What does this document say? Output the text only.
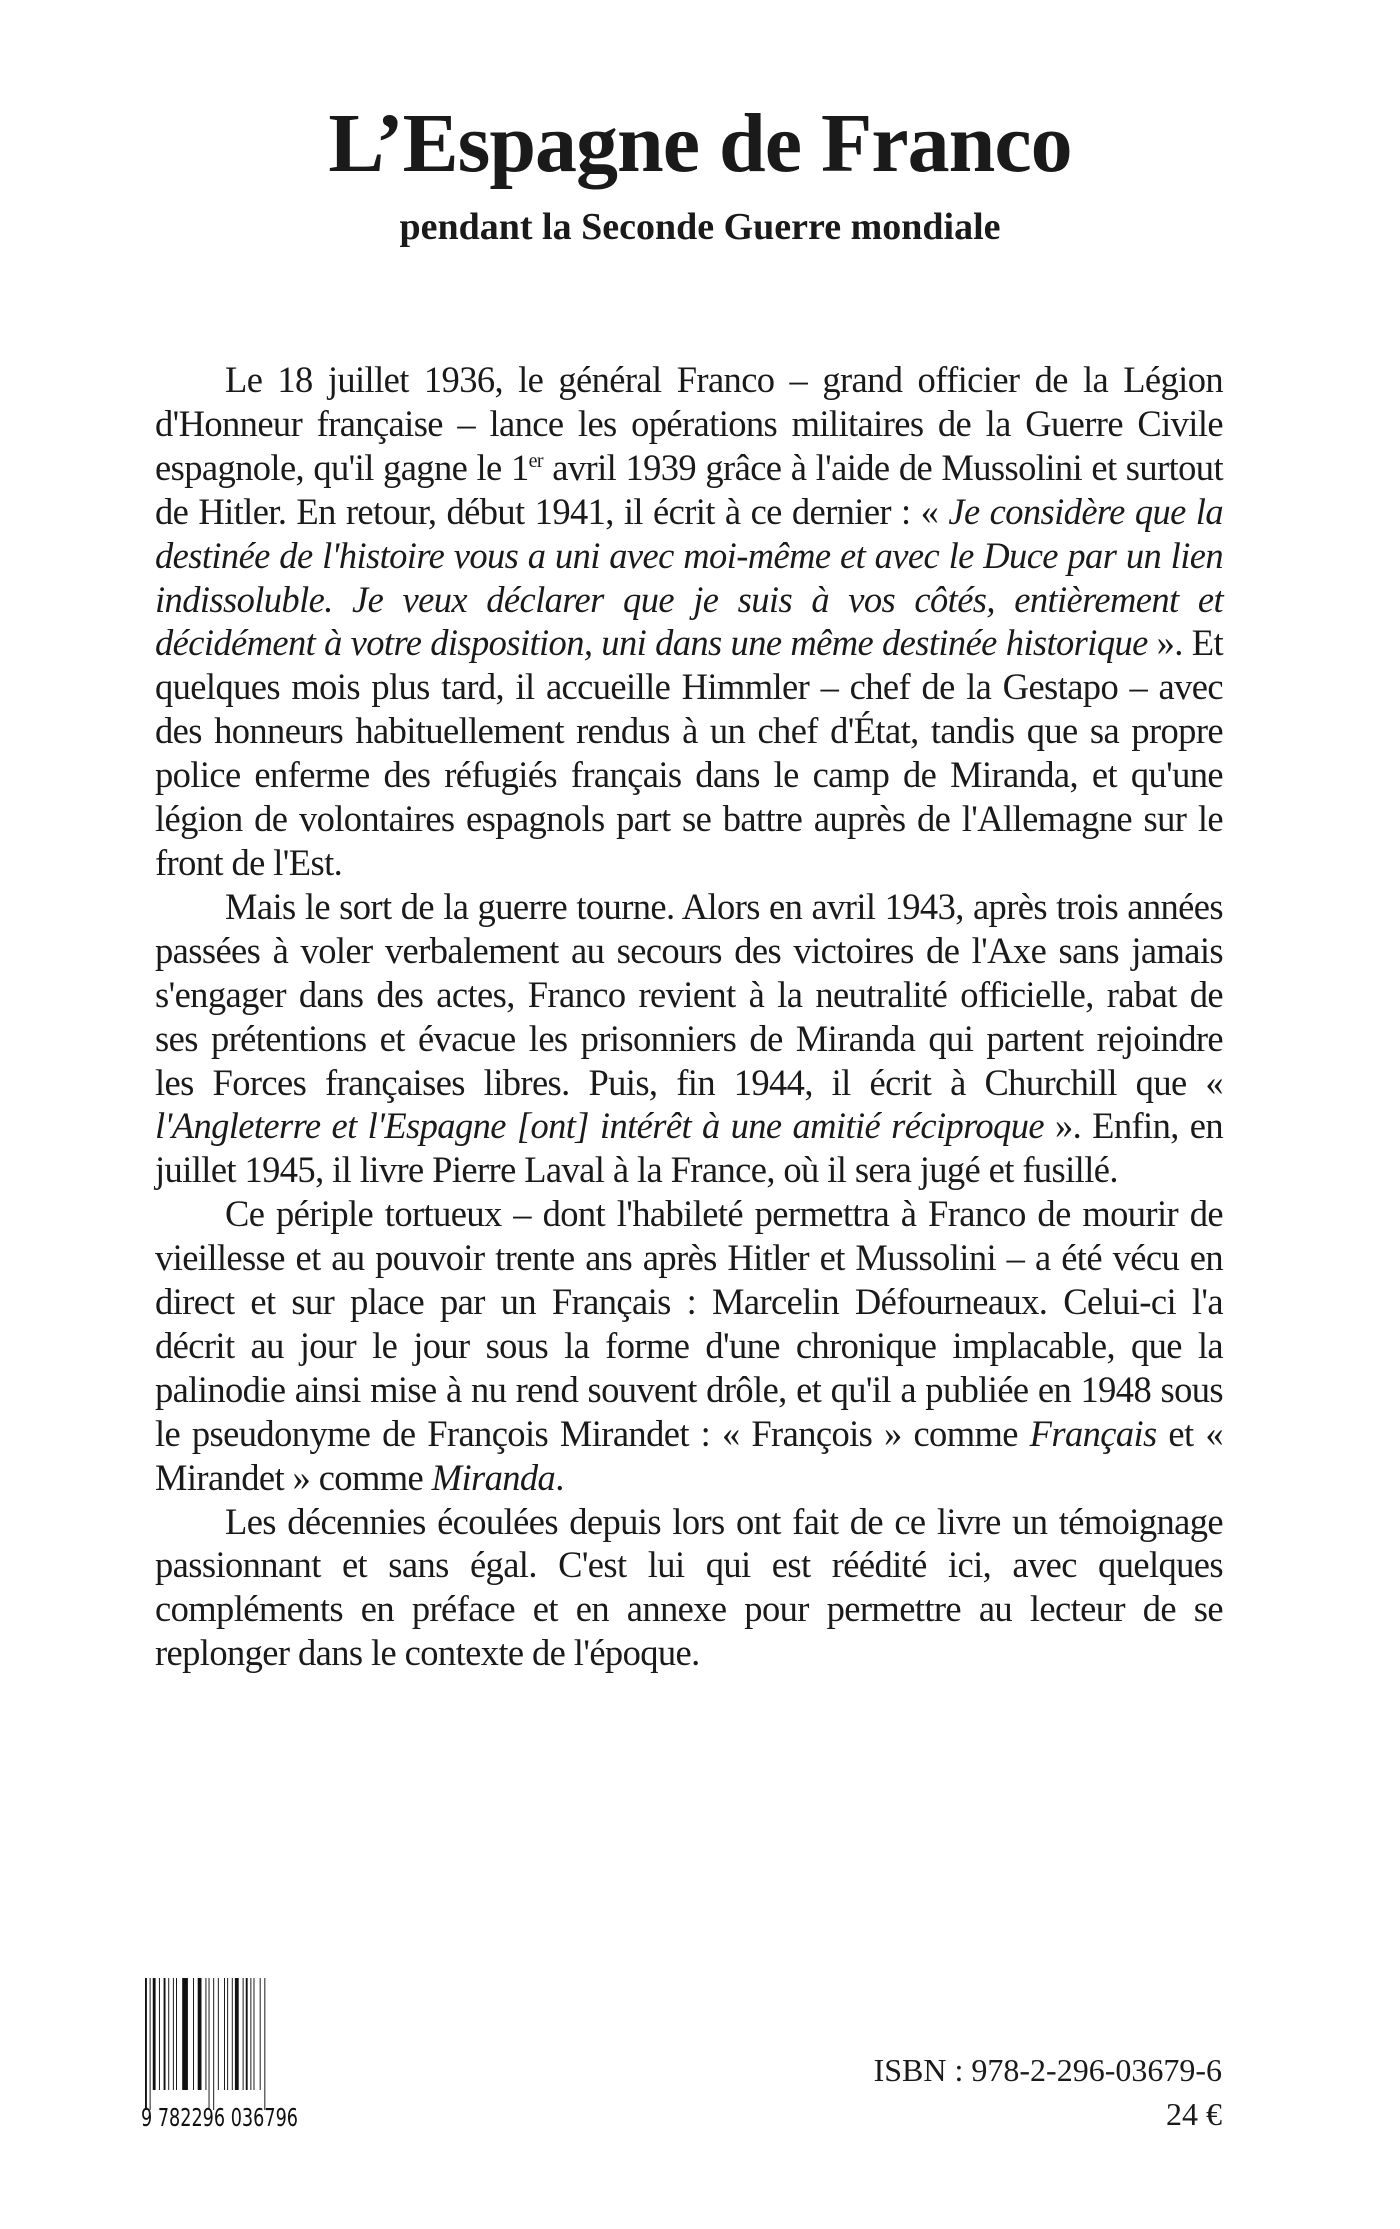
L’Espagne de Franco
pendant la Seconde Guerre mondiale

Le 18 juillet 1936, le général Franco – grand officier de la Légion d'Honneur française – lance les opérations militaires de la Guerre Civile espagnole, qu'il gagne le 1er avril 1939 grâce à l'aide de Mussolini et surtout de Hitler. En retour, début 1941, il écrit à ce dernier : « Je considère que la destinée de l'histoire vous a uni avec moi-même et avec le Duce par un lien indissoluble. Je veux déclarer que je suis à vos côtés, entièrement et décidément à votre disposition, uni dans une même destinée historique ». Et quelques mois plus tard, il accueille Himmler – chef de la Gestapo – avec des honneurs habituellement rendus à un chef d'État, tandis que sa propre police enferme des réfugiés français dans le camp de Miranda, et qu'une légion de volontaires espagnols part se battre auprès de l'Allemagne sur le front de l'Est.

Mais le sort de la guerre tourne. Alors en avril 1943, après trois années passées à voler verbalement au secours des victoires de l'Axe sans jamais s'engager dans des actes, Franco revient à la neutralité officielle, rabat de ses prétentions et évacue les prisonniers de Miranda qui partent rejoindre les Forces françaises libres. Puis, fin 1944, il écrit à Churchill que « l'Angleterre et l'Espagne [ont] intérêt à une amitié réciproque ». Enfin, en juillet 1945, il livre Pierre Laval à la France, où il sera jugé et fusillé.

Ce périple tortueux – dont l'habileté permettra à Franco de mourir de vieillesse et au pouvoir trente ans après Hitler et Mussolini – a été vécu en direct et sur place par un Français : Marcelin Défourneaux. Celui-ci l'a décrit au jour le jour sous la forme d'une chronique implacable, que la palinodie ainsi mise à nu rend souvent drôle, et qu'il a publiée en 1948 sous le pseudonyme de François Mirandet : « François » comme Français et « Mirandet » comme Miranda.

Les décennies écoulées depuis lors ont fait de ce livre un témoignage passionnant et sans égal. C'est lui qui est réédité ici, avec quelques compléments en préface et en annexe pour permettre au lecteur de se replonger dans le contexte de l'époque.

9 782296 036796
ISBN : 978-2-296-03679-6
24 €
